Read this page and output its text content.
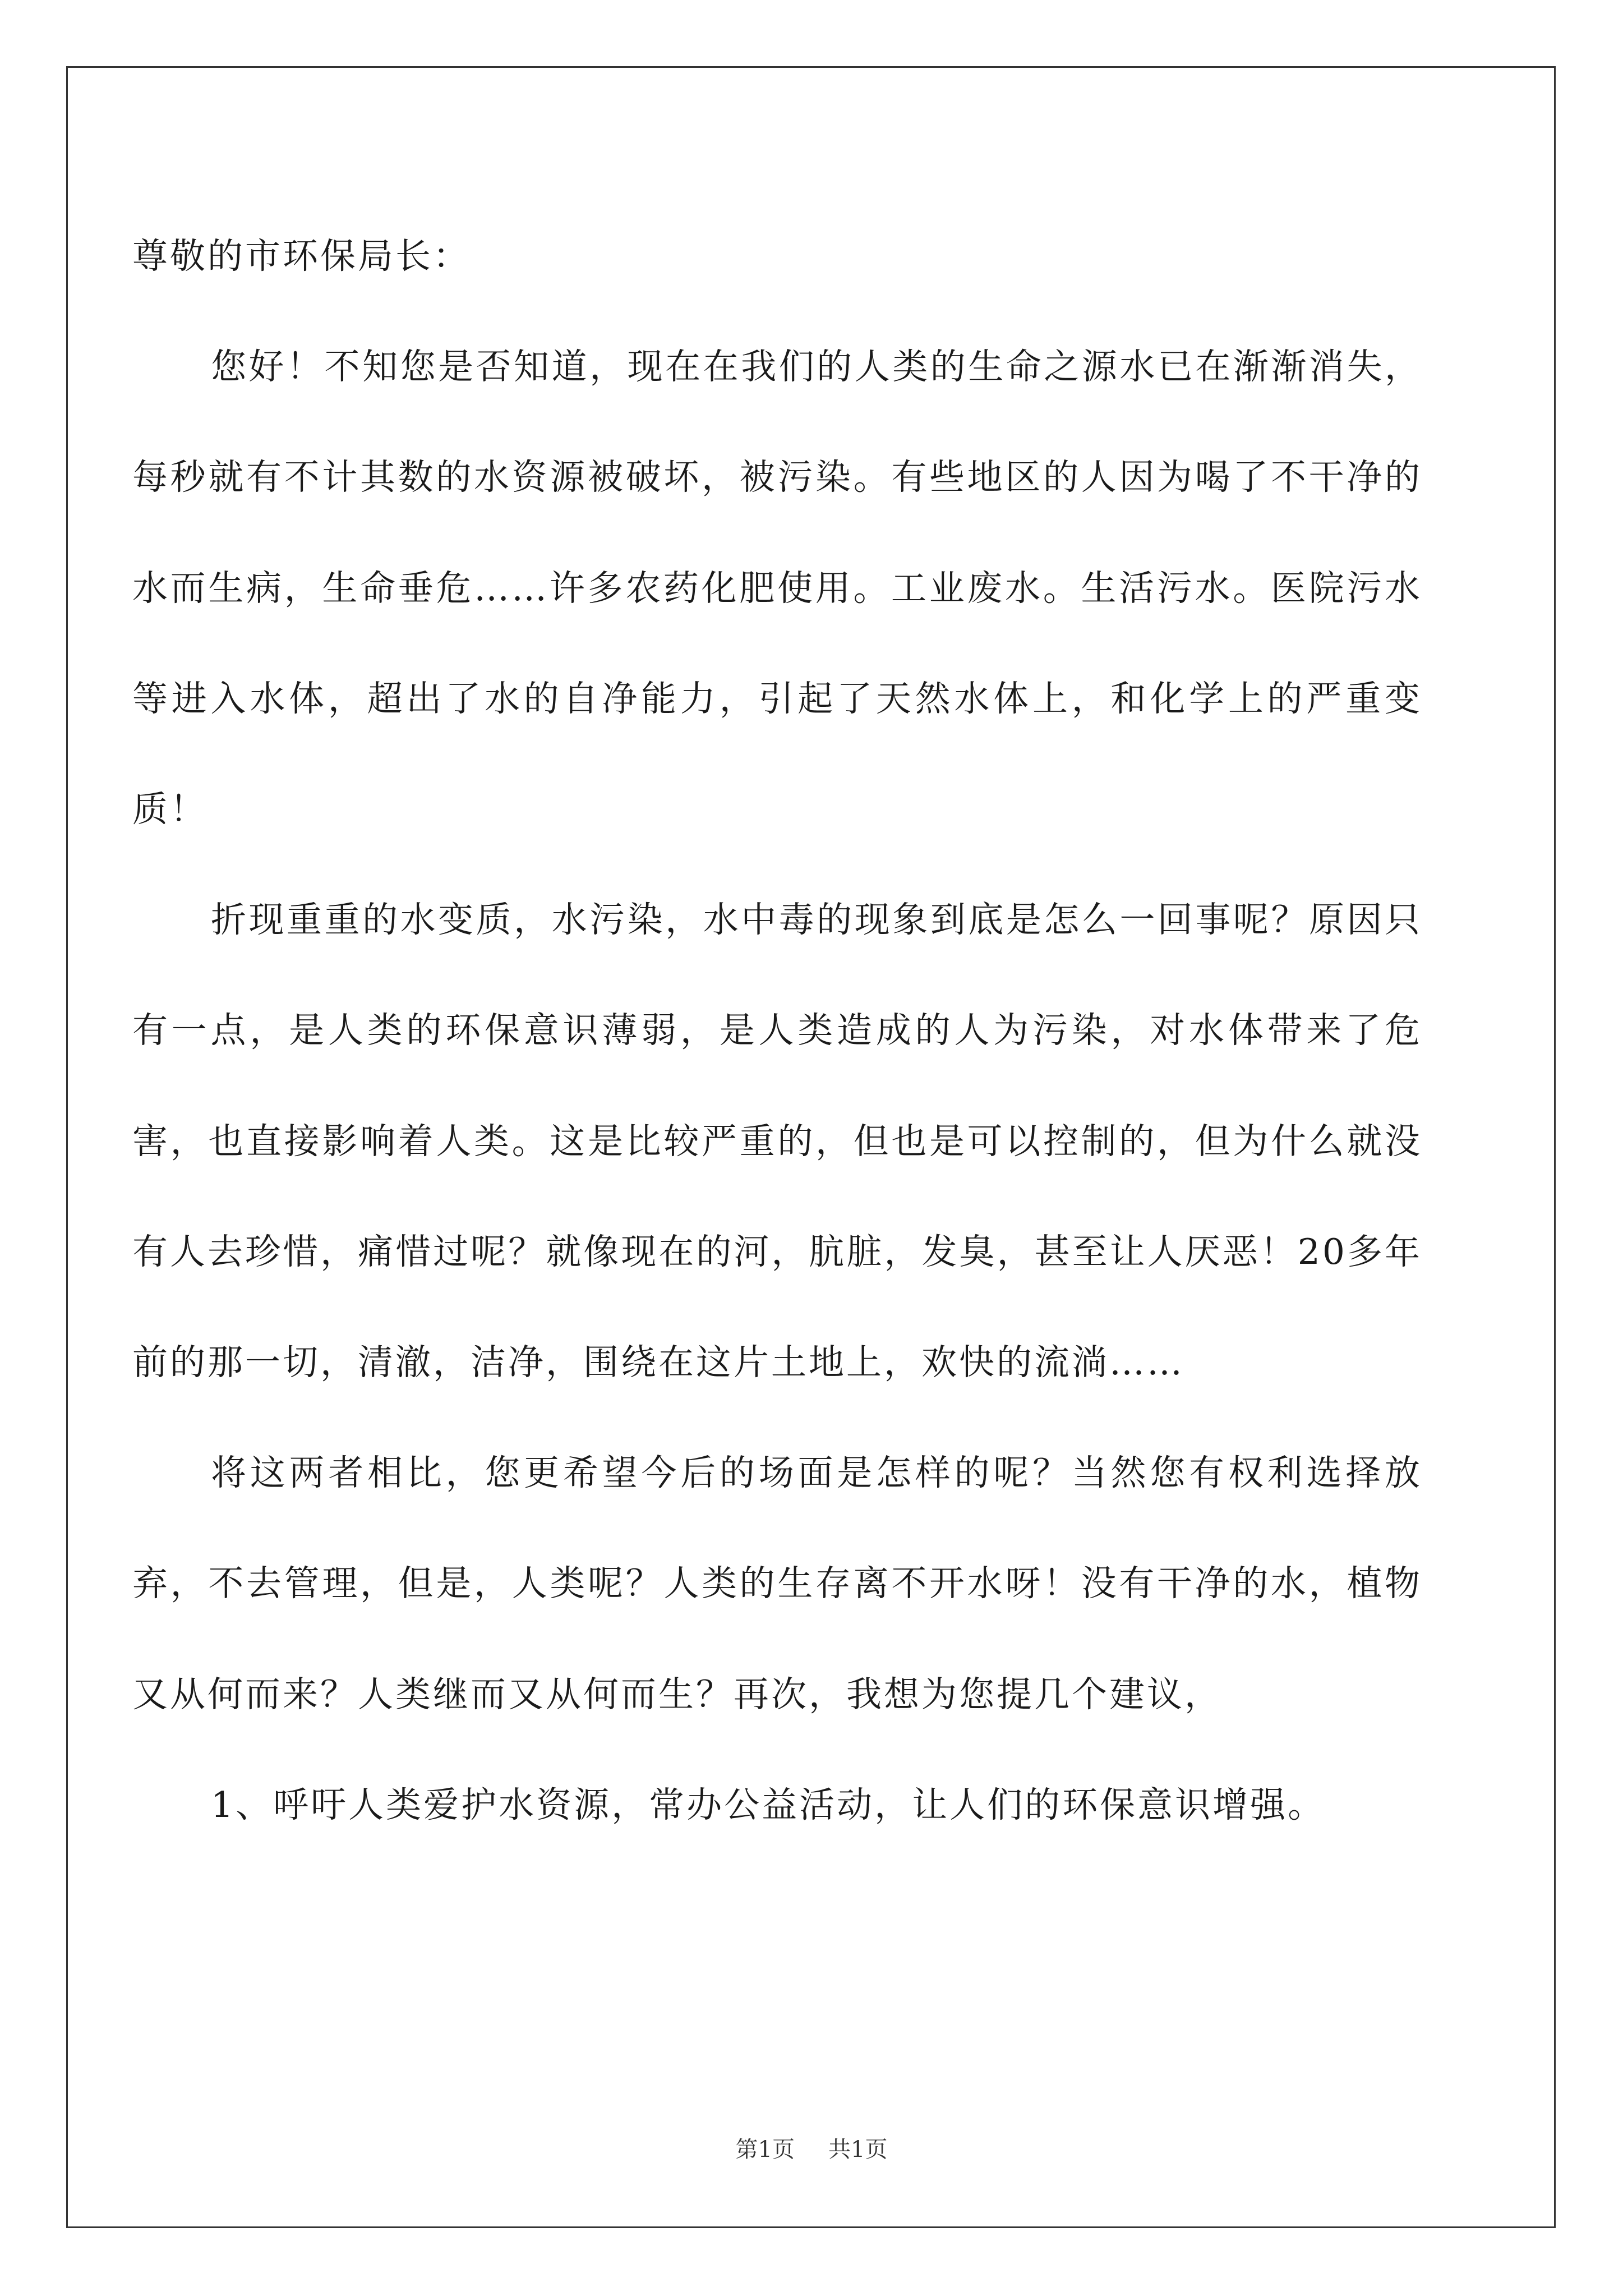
尊敬的市环保局长：

您好！不知您是否知道，现在在我们的人类的生命之源水已在渐渐消失，每秒就有不计其数的水资源被破坏，被污染。有些地区的人因为喝了不干净的水而生病，生命垂危……许多农药化肥使用。工业废水。生活污水。医院污水等进入水体，超出了水的自净能力，引起了天然水体上，和化学上的严重变质！

折现重重的水变质，水污染，水中毒的现象到底是怎么一回事呢？原因只有一点，是人类的环保意识薄弱，是人类造成的人为污染，对水体带来了危害，也直接影响着人类。这是比较严重的，但也是可以控制的，但为什么就没有人去珍惜，痛惜过呢？就像现在的河，肮脏，发臭，甚至让人厌恶！20多年前的那一切，清澈，洁净，围绕在这片土地上，欢快的流淌……

将这两者相比，您更希望今后的场面是怎样的呢？当然您有权利选择放弃，不去管理，但是，人类呢？人类的生存离不开水呀！没有干净的水，植物又从何而来？人类继而又从何而生？再次，我想为您提几个建议，

1、呼吁人类爱护水资源，常办公益活动，让人们的环保意识增强。

第1页 共1页
